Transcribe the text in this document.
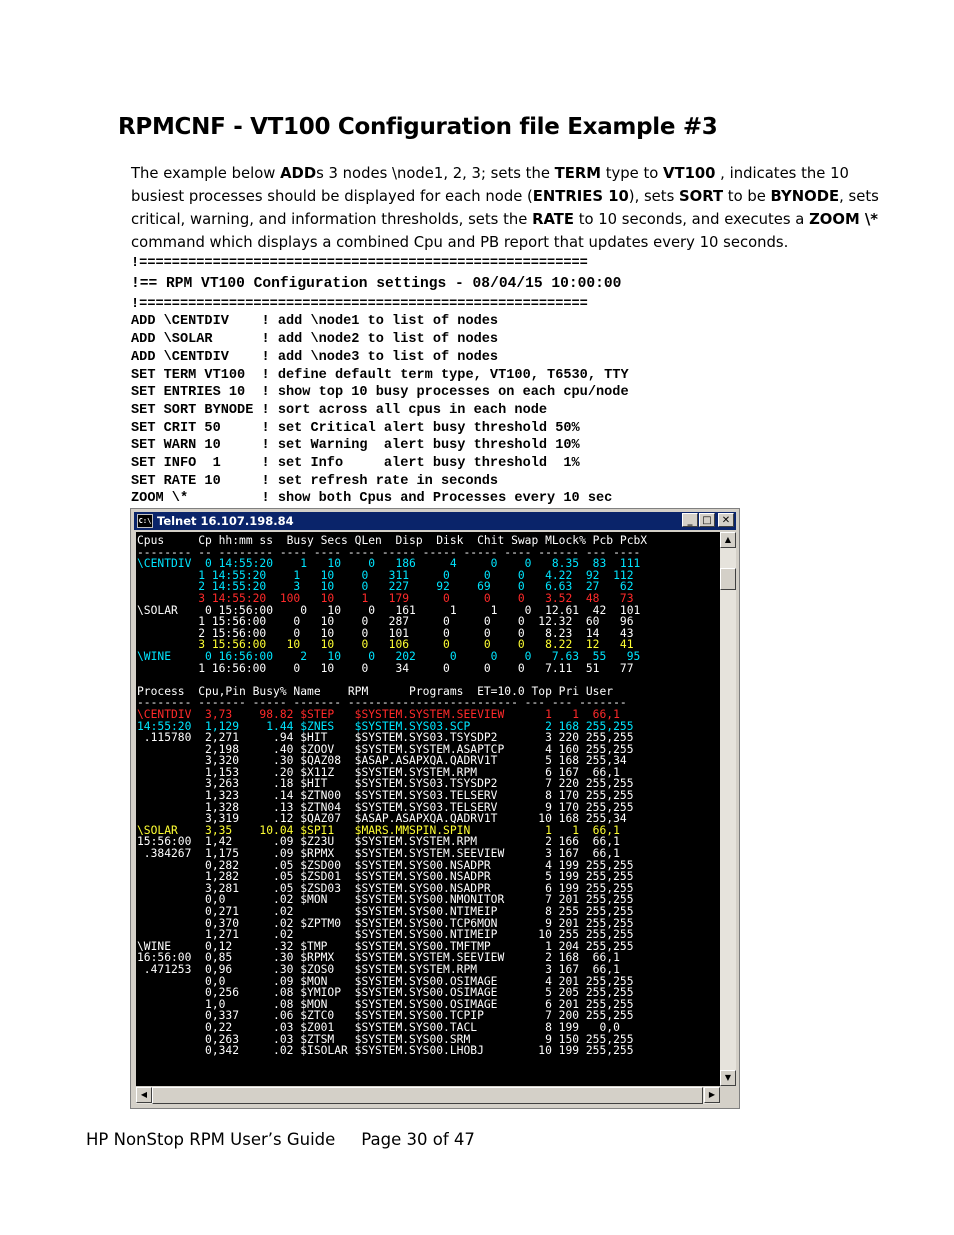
RPMCNF - VT100 Configuration file Example #3

The example below ADDs 3 nodes \node1, 2, 3; sets the TERM type to VT100 , indicates the 10 busiest processes should be displayed for each node (ENTRIES 10), sets SORT to be BYNODE, sets critical, warning, and information thresholds, sets the RATE to 10 seconds, and executes a ZOOM \* command which displays a combined Cpu and PB report that updates every 10 seconds.

!=======================================================
!== RPM VT100 Configuration settings - 08/04/15 10:00:00
!=======================================================
ADD \CENTDIV    ! add \node1 to list of nodes
ADD \SOLAR      ! add \node2 to list of nodes
ADD \CENTDIV    ! add \node3 to list of nodes
SET TERM VT100  ! define default term type, VT100, T6530, TTY
SET ENTRIES 10  ! show top 10 busy processes on each cpu/node
SET SORT BYNODE ! sort across all cpus in each node
SET CRIT 50     ! set Critical alert busy threshold 50%
SET WARN 10     ! set Warning  alert busy threshold 10%
SET INFO  1     ! set Info     alert busy threshold  1%
SET RATE 10     ! set refresh rate in seconds
ZOOM \*         ! show both Cpus and Processes every 10 sec
C:\ Telnet 16.107.198.84	_ □	✕
Cpus     Cp hh:mm ss  Busy Secs QLen  Disp  Disk  Chit Swap MLock% Pcb PcbX
-------- -- -------- ---- ---- ---- ----- ----- ----- ---- ------ --- ----
\CENTDIV  0 14:55:20    1   10    0   186     4     0    0   8.35  83  111
1 14:55:20    1   10    0   311     0     0    0   4.22  92  112
2 14:55:20    3   10    0   227    92    69    0   6.63  27   62
3 14:55:20  100   10    1   179     0     0    0   3.52  48   73
\SOLAR    0 15:56:00    0   10    0   161     1     1    0  12.61  42  101
1 15:56:00    0   10    0   287     0     0    0  12.32  60   96
2 15:56:00    0   10    0   101     0     0    0   8.23  14   43
3 15:56:00   10   10    0   106     0     0    0   8.22  12   41
\WINE     0 16:56:00    2   10    0   202     0     0    0   7.63  55   95
1 16:56:00    0   10    0    34     0     0    0   7.11  51   77

Process  Cpu,Pin Busy% Name    RPM      Programs  ET=10.0 Top Pri User
-------- ------- ----- ------- ------------------------- --- --- -------
\CENTDIV  3,73    98.82 $STEP   $SYSTEM.SYSTEM.SEEVIEW      1   1  66,1
14:55:20  1,129    1.44 $ZNES   $SYSTEM.SYS03.SCP           2 168 255,255
.115780  2,271     .94 $HIT    $SYSTEM.SYS03.TSYSDP2       3 220 255,255
2,198     .40 $ZOOV   $SYSTEM.SYSTEM.ASAPTCP      4 160 255,255
3,320     .30 $QAZ08  $ASAP.ASAPXQA.QADRV1T       5 168 255,34
1,153     .20 $X11Z   $SYSTEM.SYSTEM.RPM          6 167  66,1
3,263     .18 $HIT    $SYSTEM.SYS03.TSYSDP2       7 220 255,255
1,323     .14 $ZTN00  $SYSTEM.SYS03.TELSERV       8 170 255,255
1,328     .13 $ZTN04  $SYSTEM.SYS03.TELSERV       9 170 255,255
3,319     .12 $QAZ07  $ASAP.ASAPXQA.QADRV1T      10 168 255,34
\SOLAR    3,35    10.04 $SPI1   $MARS.MMSPIN.SPIN           1   1  66,1
15:56:00  1,42      .09 $Z23U   $SYSTEM.SYSTEM.RPM          2 166  66,1
.384267  1,175     .09 $RPMX   $SYSTEM.SYSTEM.SEEVIEW      3 167  66,1
0,282     .05 $ZSD00  $SYSTEM.SYS00.NSADPR        4 199 255,255
1,282     .05 $ZSD01  $SYSTEM.SYS00.NSADPR        5 199 255,255
3,281     .05 $ZSD03  $SYSTEM.SYS00.NSADPR        6 199 255,255
0,0       .02 $MON    $SYSTEM.SYS00.NMONITOR      7 201 255,255
0,271     .02         $SYSTEM.SYS00.NTIMEIP       8 255 255,255
0,370     .02 $ZPTM0  $SYSTEM.SYS00.TCP6MON       9 201 255,255
1,271     .02         $SYSTEM.SYS00.NTIMEIP      10 255 255,255
\WINE     0,12      .32 $TMP    $SYSTEM.SYS00.TMFTMP        1 204 255,255
16:56:00  0,85      .30 $RPMX   $SYSTEM.SYSTEM.SEEVIEW      2 168  66,1
.471253  0,96      .30 $ZOS0   $SYSTEM.SYSTEM.RPM          3 167  66,1
0,0       .09 $MON    $SYSTEM.SYS00.OSIMAGE       4 201 255,255
0,256     .08 $YMIOP  $SYSTEM.SYS00.OSIMAGE       5 205 255,255
1,0       .08 $MON    $SYSTEM.SYS00.OSIMAGE       6 201 255,255
0,337     .06 $ZTC0   $SYSTEM.SYS00.TCPIP         7 200 255,255
0,22      .03 $Z001   $SYSTEM.SYS00.TACL          8 199   0,0
0,263     .03 $ZTSM   $SYSTEM.SYS00.SRM           9 150 255,255
0,342     .02 $ISOLAR $SYSTEM.SYS00.LHOBJ        10 199 255,255

▲
▼
◀	▶

HP NonStop RPM User’s Guide Page 30 of 47
